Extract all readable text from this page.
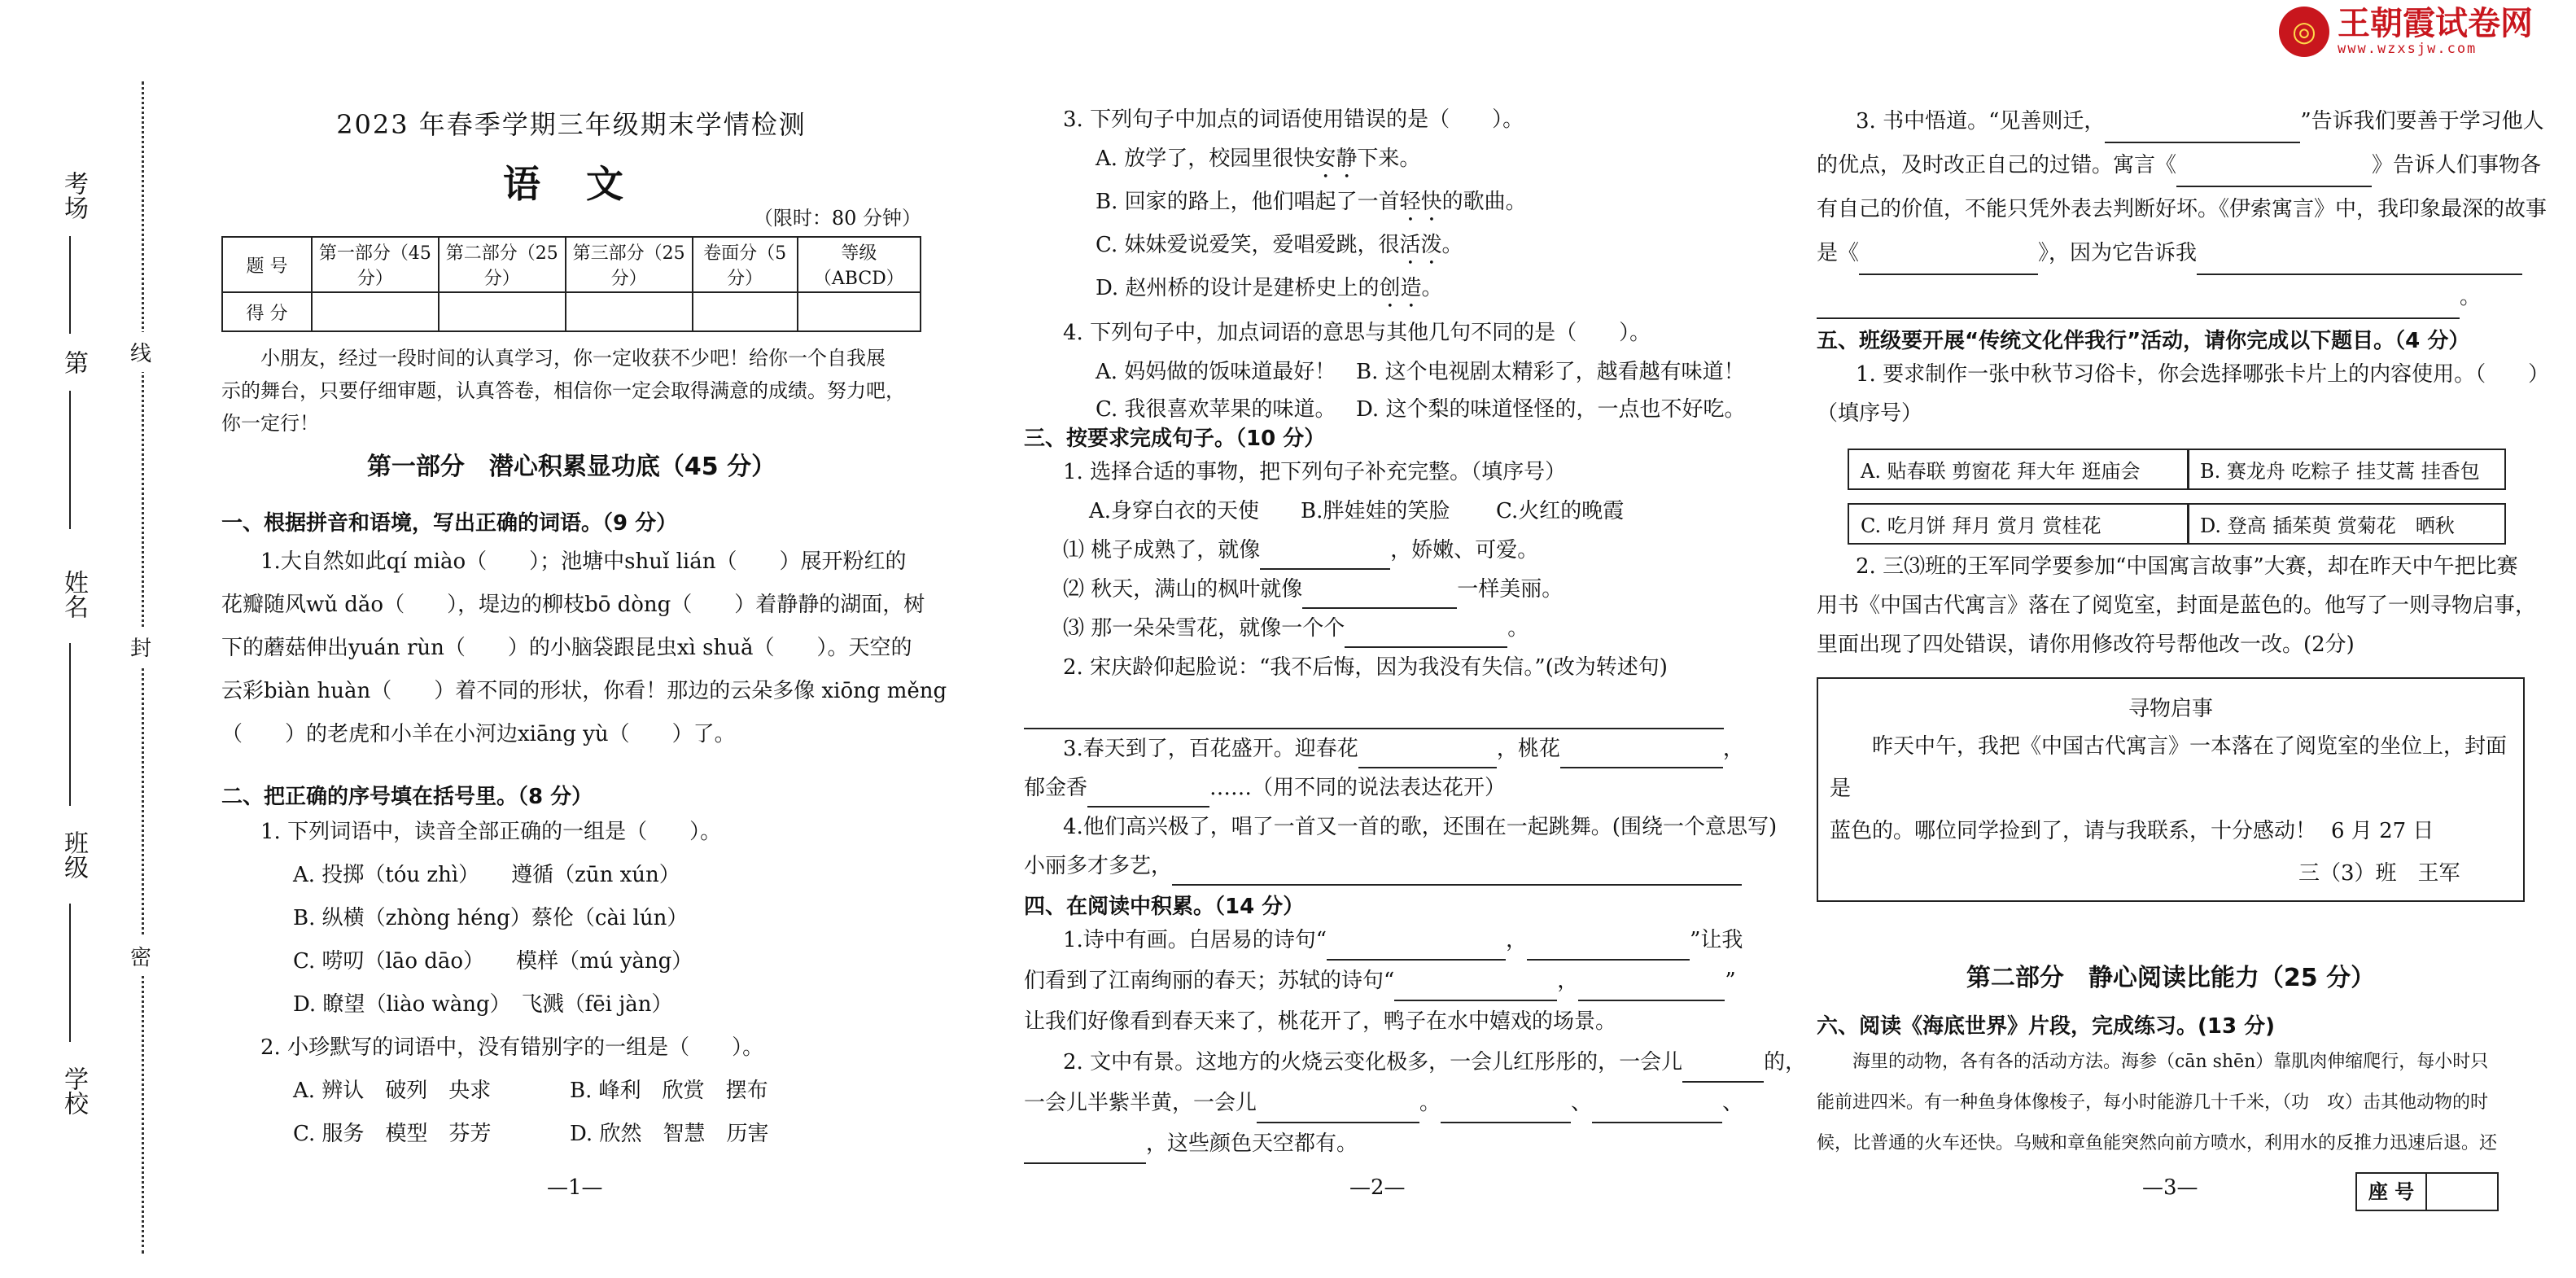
◎ 王朝霞试卷网
www.wzxsjw.com
线
封
密
考场
第
姓名
班级
学校
2023 年春季学期三年级期末学情检测
语 文
（限时：80 分钟）
题 号	第一部分（45 分）	第二部分（25 分）	第三部分（25 分）	卷面分（5 分）	等级（ABCD）
得 分					
小朋友，经过一段时间的认真学习，你一定收获不少吧！给你一个自我展
示的舞台，只要仔细审题，认真答卷，相信你一定会取得满意的成绩。努力吧，
你一定行！
第一部分　潜心积累显功底（45 分）
一、根据拼音和语境，写出正确的词语。（9 分）
1.大自然如此qí miào（　　）；池塘中shuǐ lián（　　）展开粉红的
花瓣随风wǔ dǎo（　　），堤边的柳枝bō dòng（　　）着静静的湖面，树
下的蘑菇伸出yuán rùn（　　）的小脑袋跟昆虫xì shuǎ（　　）。天空的
云彩biàn huàn（　　）着不同的形状，你看！那边的云朵多像 xiōng měng
（　　）的老虎和小羊在小河边xiāng yù（　　）了。
二、把正确的序号填在括号里。（8 分）
1. 下列词语中，读音全部正确的一组是（　　）。
A. 投掷（tóu zhì）　　遵循（zūn xún）
B. 纵横（zhòng héng）蔡伦（cài lún）
C. 唠叨（lāo dāo）　　模样（mú yàng）
D. 瞭望（liào wàng）　飞溅（fēi jàn）
2. 小珍默写的词语中，没有错别字的一组是（　　）。
A. 辨认　破列　央求	B. 峰利　欣赏　摆布
C. 服务　模型　芬芳	D. 欣然　智慧　历害
—1—
3. 下列句子中加点的词语使用错误的是（　　）。
A. 放学了，校园里很快安静下来。
B. 回家的路上，他们唱起了一首轻快的歌曲。
C. 妹妹爱说爱笑，爱唱爱跳，很活泼。
D. 赵州桥的设计是建桥史上的创造。
4. 下列句子中，加点词语的意思与其他几句不同的是（　　）。
A. 妈妈做的饭味道最好！ B. 这个电视剧太精彩了，越看越有味道！
C. 我很喜欢苹果的味道。 D. 这个梨的味道怪怪的，一点也不好吃。
三、按要求完成句子。（10 分）
1. 选择合适的事物，把下列句子补充完整。（填序号）
A.身穿白衣的天使 B.胖娃娃的笑脸 C.火红的晚霞
⑴ 桃子成熟了，就像	，娇嫩、可爱。
⑵ 秋天，满山的枫叶就像	一样美丽。
⑶ 那一朵朵雪花，就像一个个	。
2. 宋庆龄仰起脸说：“我不后悔，因为我没有失信。”(改为转述句)
3.春天到了，百花盛开。迎春花	，桃花	，
郁金香	……（用不同的说法表达花开）
4.他们高兴极了，唱了一首又一首的歌，还围在一起跳舞。(围绕一个意思写)
小丽多才多艺，
四、在阅读中积累。（14 分）
1.诗中有画。白居易的诗句“	，	”让我
们看到了江南绚丽的春天；苏轼的诗句“	，	”
让我们好像看到春天来了，桃花开了，鸭子在水中嬉戏的场景。
2. 文中有景。这地方的火烧云变化极多，一会儿红彤彤的，一会儿	的，
一会儿半紫半黄，一会儿	。	、	、
，这些颜色天空都有。
—2—
3. 书中悟道。“见善则迁，	”告诉我们要善于学习他人
的优点，及时改正自己的过错。寓言《	》告诉人们事物各
有自己的价值，不能只凭外表去判断好坏。《伊索寓言》中，我印象最深的故事
是《	》，因为它告诉我
。
五、班级要开展“传统文化伴我行”活动，请你完成以下题目。（4 分）
1. 要求制作一张中秋节习俗卡，你会选择哪张卡片上的内容使用。（　　）
（填序号）
A. 贴春联 剪窗花 拜大年 逛庙会	B. 赛龙舟 吃粽子 挂艾蒿 挂香包
C. 吃月饼 拜月 赏月 赏桂花	D. 登高 插茱萸 赏菊花　晒秋
2. 三⑶班的王军同学要参加“中国寓言故事”大赛，却在昨天中午把比赛
用书《中国古代寓言》落在了阅览室，封面是蓝色的。他写了一则寻物启事，
里面出现了四处错误，请你用修改符号帮他改一改。(2分)
寻物启事
昨天中午，我把《中国古代寓言》一本落在了阅览室的坐位上，封面是
蓝色的。哪位同学捡到了，请与我联系，十分感动！ 6 月 27 日
三（3）班　王军
第二部分　静心阅读比能力（25 分）
六、阅读《海底世界》片段，完成练习。(13 分)
海里的动物，各有各的活动方法。海参（cān shēn）靠肌肉伸缩爬行，每小时只
能前进四米。有一种鱼身体像梭子，每小时能游几十千米，（功　攻）击其他动物的时
候，比普通的火车还快。乌贼和章鱼能突然向前方喷水，利用水的反推力迅速后退。还
—3—	座 号
